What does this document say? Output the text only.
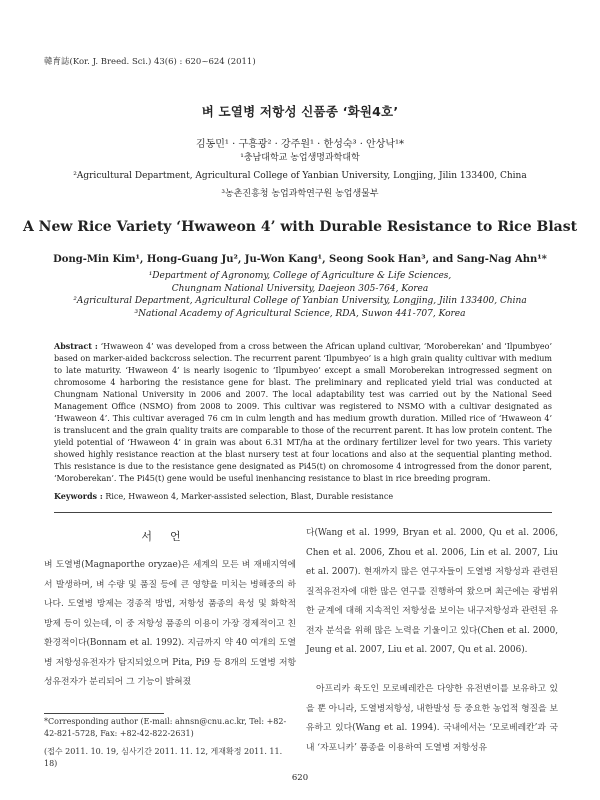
韓育誌(Kor. J. Breed. Sci.) 43(6) : 620~624 (2011)
벼 도열병 저항성 신품종 ‘화원4호’
김동민¹ · 구흥광² · 강주원¹ · 한성숙³ · 안상낙¹*
¹충남대학교 농업생명과학대학
²Agricultural Department, Agricultural College of Yanbian University, Longjing, Jilin 133400, China
³농촌진흥청 농업과학연구원 농업생물부
A New Rice Variety ‘Hwaweon 4’ with Durable Resistance to Rice Blast
Dong-Min Kim¹, Hong-Guang Ju², Ju-Won Kang¹, Seong Sook Han³, and Sang-Nag Ahn¹*
¹Department of Agronomy, College of Agriculture & Life Sciences,
Chungnam National University, Daejeon 305-764, Korea
²Agricultural Department, Agricultural College of Yanbian University, Longjing, Jilin 133400, China
³National Academy of Agricultural Science, RDA, Suwon 441-707, Korea
Abstract : ‘Hwaweon 4’ was developed from a cross between the African upland cultivar, ‘Moroberekan’ and ‘Ilpumbyeo’ based on marker-aided backcross selection. The recurrent parent ‘Ilpumbyeo’ is a high grain quality cultivar with medium to late maturity. ‘Hwaweon 4’ is nearly isogenic to ‘Ilpumbyeo’ except a small Moroberekan introgressed segment on chromosome 4 harboring the resistance gene for blast. The preliminary and replicated yield trial was conducted at Chungnam National University in 2006 and 2007. The local adaptability test was carried out by the National Seed Management Office (NSMO) from 2008 to 2009. This cultivar was registered to NSMO with a cultivar designated as ‘Hwaweon 4’. This cultivar averaged 76 cm in culm length and has medium growth duration. Milled rice of ‘Hwaweon 4’ is translucent and the grain quality traits are comparable to those of the recurrent parent. It has low protein content. The yield potential of ‘Hwaweon 4’ in grain was about 6.31 MT/ha at the ordinary fertilizer level for two years. This variety showed highly resistance reaction at the blast nursery test at four locations and also at the sequential planting method. This resistance is due to the resistance gene designated as Pi45(t) on chromosome 4 introgressed from the donor parent, ‘Moroberekan’. The Pi45(t) gene would be useful inenhancing resistance to blast in rice breeding program.
Keywords : Rice, Hwaweon 4, Marker-assisted selection, Blast, Durable resistance
서언
벼 도열병(Magnaporthe oryzae)은 세계의 모든 벼 재배지역에서 발생하며, 벼 수량 및 품질 등에 큰 영향을 미치는 병해중의 하나다. 도열병 방제는 경종적 방법, 저항성 품종의 육성 및 화학적 방제 등이 있는데, 이 중 저항성 품종의 이용이 가장 경제적이고 친환경적이다(Bonnam et al. 1992). 지금까지 약 40 여개의 도열병 저항성유전자가 탐지되었으며 Pita, Pi9 등 8개의 도열병 저항성유전자가 분리되어 그 기능이 밝혀졌
*Corresponding author (E-mail: ahnsn@cnu.ac.kr, Tel: +82-42-821-5728, Fax: +82-42-822-2631)
(접수 2011. 10. 19, 심사기간 2011. 11. 12, 게재확정 2011. 11. 18)
다(Wang et al. 1999, Bryan et al. 2000, Qu et al. 2006, Chen et al. 2006, Zhou et al. 2006, Lin et al. 2007, Liu et al. 2007). 현재까지 많은 연구자들이 도열병 저항성과 관련된 질적유전자에 대한 많은 연구를 진행하여 왔으며 최근에는 광범위한 균계에 대해 지속적인 저항성을 보이는 내구저항성과 관련된 유전자 분석을 위해 많은 노력을 기울이고 있다(Chen et al. 2000, Jeung et al. 2007, Liu et al. 2007, Qu et al. 2006).
아프리카 육도인 모로베레칸은 다양한 유전변이를 보유하고 있을 뿐 아니라, 도열병저항성, 내한발성 등 중요한 농업적 형질을 보유하고 있다(Wang et al. 1994). 국내에서는 ‘모로베레칸’과 국내 ‘자포니카’ 품종을 이용하여 도열병 저항성유
620
